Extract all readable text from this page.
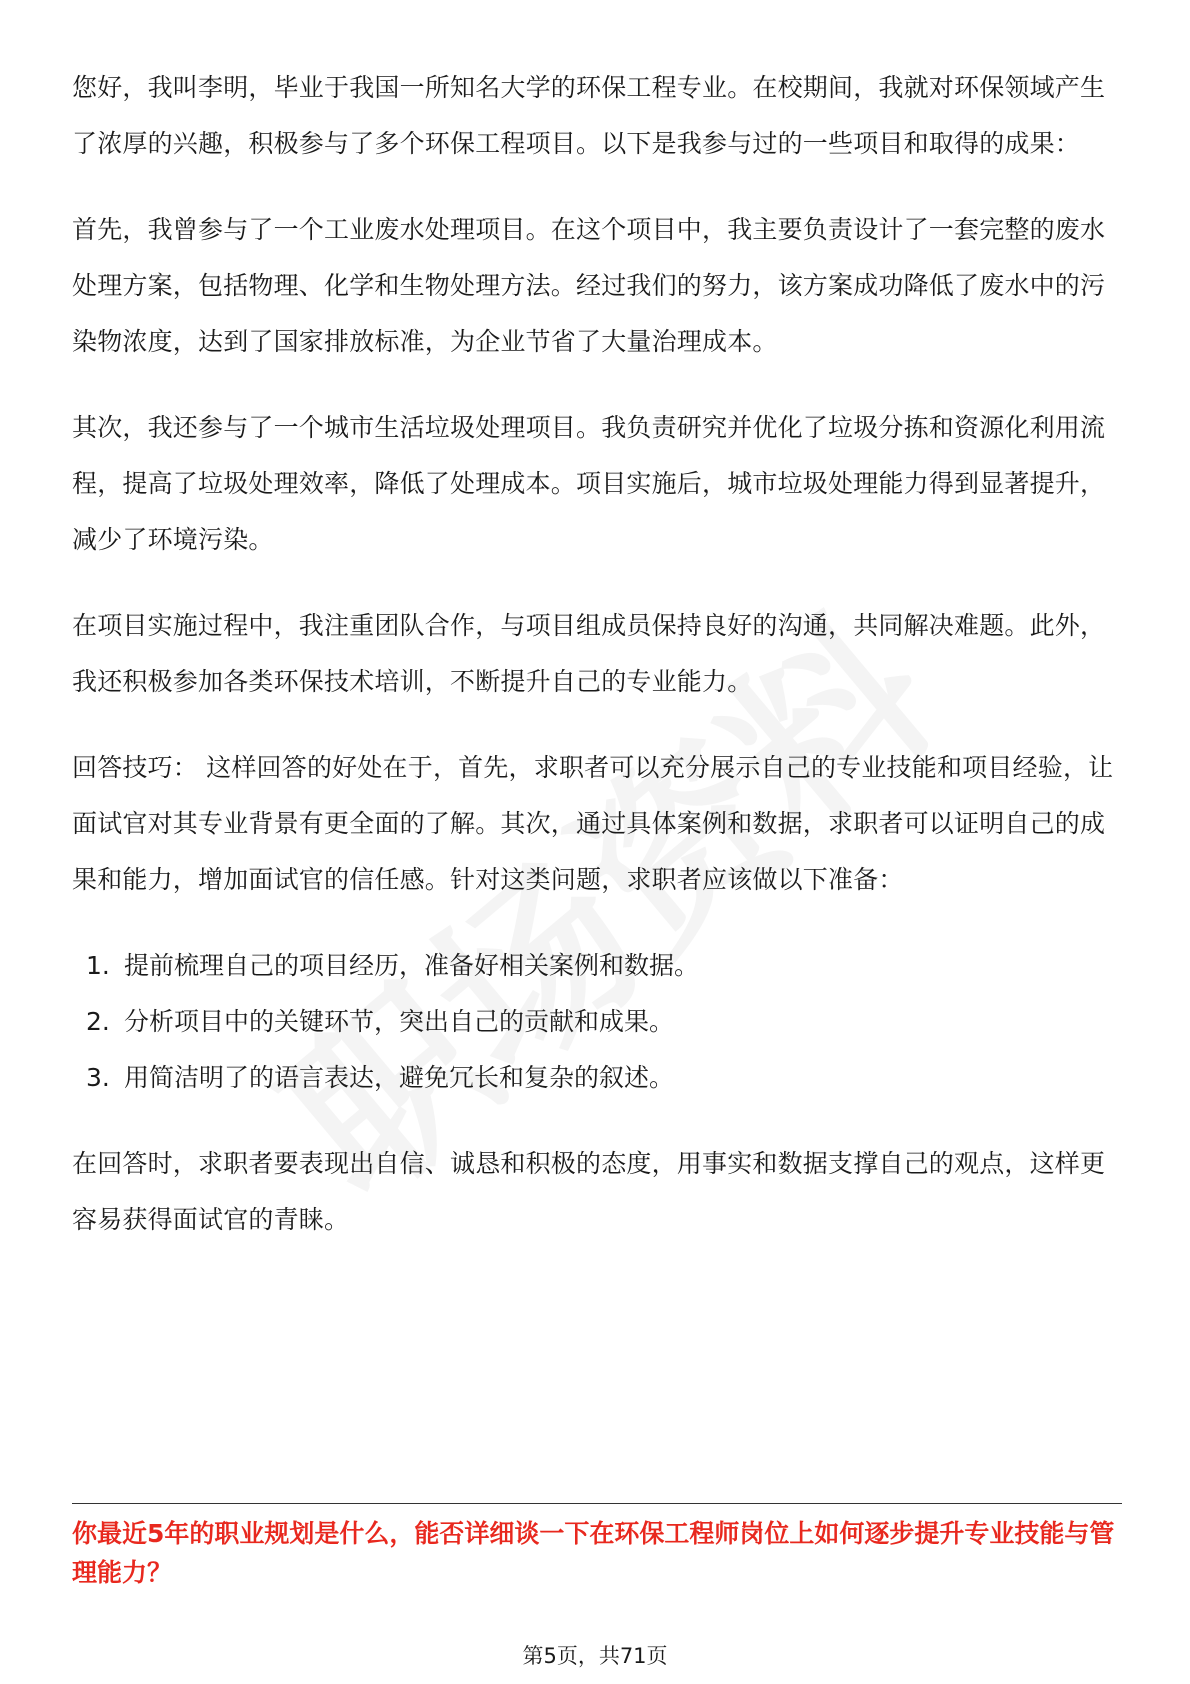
您好，我叫李明，毕业于我国一所知名大学的环保工程专业。在校期间，我就对环保领域产生了浓厚的兴趣，积极参与了多个环保工程项目。以下是我参与过的一些项目和取得的成果：

首先，我曾参与了一个工业废水处理项目。在这个项目中，我主要负责设计了一套完整的废水处理方案，包括物理、化学和生物处理方法。经过我们的努力，该方案成功降低了废水中的污染物浓度，达到了国家排放标准，为企业节省了大量治理成本。

其次，我还参与了一个城市生活垃圾处理项目。我负责研究并优化了垃圾分拣和资源化利用流程，提高了垃圾处理效率，降低了处理成本。项目实施后，城市垃圾处理能力得到显著提升，减少了环境污染。

在项目实施过程中，我注重团队合作，与项目组成员保持良好的沟通，共同解决难题。此外，我还积极参加各类环保技术培训，不断提升自己的专业能力。

回答技巧： 这样回答的好处在于，首先，求职者可以充分展示自己的专业技能和项目经验，让面试官对其专业背景有更全面的了解。其次，通过具体案例和数据，求职者可以证明自己的成果和能力，增加面试官的信任感。针对这类问题，求职者应该做以下准备：

1. 提前梳理自己的项目经历，准备好相关案例和数据。
2. 分析项目中的关键环节，突出自己的贡献和成果。
3. 用简洁明了的语言表达，避免冗长和复杂的叙述。

在回答时，求职者要表现出自信、诚恳和积极的态度，用事实和数据支撑自己的观点，这样更容易获得面试官的青睐。

你最近5年的职业规划是什么，能否详细谈一下在环保工程师岗位上如何逐步提升专业技能与管理能力？

第5页，共71页
